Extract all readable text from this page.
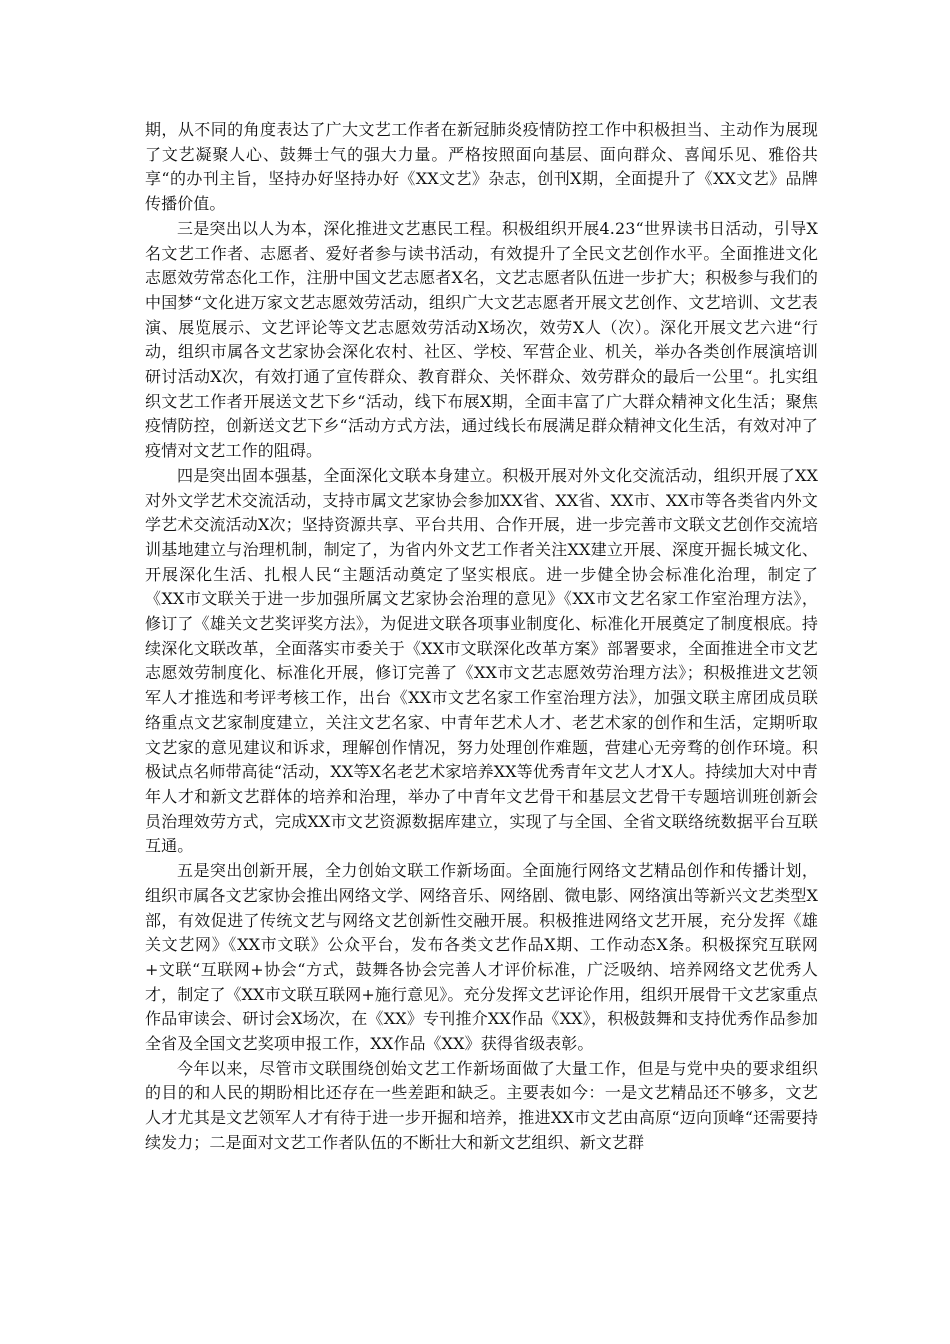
期，从不同的角度表达了广大文艺工作者在新冠肺炎疫情防控工作中积极担当、主动作为展现了文艺凝聚人心、鼓舞士气的强大力量。严格按照面向基层、面向群众、喜闻乐见、雅俗共享“的办刊主旨，坚持办好坚持办好《XX文艺》杂志，创刊X期，全面提升了《XX文艺》品牌传播价值。

三是突出以人为本，深化推进文艺惠民工程。积极组织开展4.23“世界读书日活动，引导X名文艺工作者、志愿者、爱好者参与读书活动，有效提升了全民文艺创作水平。全面推进文化志愿效劳常态化工作，注册中国文艺志愿者X名，文艺志愿者队伍进一步扩大；积极参与我们的中国梦“文化进万家文艺志愿效劳活动，组织广大文艺志愿者开展文艺创作、文艺培训、文艺表演、展览展示、文艺评论等文艺志愿效劳活动X场次，效劳X人（次）。深化开展文艺六进“行动，组织市属各文艺家协会深化农村、社区、学校、军营企业、机关，举办各类创作展演培训研讨活动X次，有效打通了宣传群众、教育群众、关怀群众、效劳群众的最后一公里“。扎实组织文艺工作者开展送文艺下乡“活动，线下布展X期，全面丰富了广大群众精神文化生活；聚焦疫情防控，创新送文艺下乡“活动方式方法，通过线长布展满足群众精神文化生活，有效对冲了疫情对文艺工作的阻碍。

四是突出固本强基，全面深化文联本身建立。积极开展对外文化交流活动，组织开展了XX对外文学艺术交流活动，支持市属文艺家协会参加XX省、XX省、XX市、XX市等各类省内外文学艺术交流活动X次；坚持资源共享、平台共用、合作开展，进一步完善市文联文艺创作交流培训基地建立与治理机制，制定了，为省内外文艺工作者关注XX建立开展、深度开掘长城文化、开展深化生活、扎根人民“主题活动奠定了坚实根底。进一步健全协会标准化治理，制定了《XX市文联关于进一步加强所属文艺家协会治理的意见》《XX市文艺名家工作室治理方法》，修订了《雄关文艺奖评奖方法》，为促进文联各项事业制度化、标准化开展奠定了制度根底。持续深化文联改革，全面落实市委关于《XX市文联深化改革方案》部署要求，全面推进全市文艺志愿效劳制度化、标准化开展，修订完善了《XX市文艺志愿效劳治理方法》；积极推进文艺领军人才推选和考评考核工作，出台《XX市文艺名家工作室治理方法》，加强文联主席团成员联络重点文艺家制度建立，关注文艺名家、中青年艺术人才、老艺术家的创作和生活，定期听取文艺家的意见建议和诉求，理解创作情况，努力处理创作难题，营建心无旁骛的创作环境。积极试点名师带高徒“活动，XX等X名老艺术家培养XX等优秀青年文艺人才X人。持续加大对中青年人才和新文艺群体的培养和治理，举办了中青年文艺骨干和基层文艺骨干专题培训班创新会员治理效劳方式，完成XX市文艺资源数据库建立，实现了与全国、全省文联络统数据平台互联互通。

五是突出创新开展，全力创始文联工作新场面。全面施行网络文艺精品创作和传播计划，组织市属各文艺家协会推出网络文学、网络音乐、网络剧、微电影、网络演出等新兴文艺类型X部，有效促进了传统文艺与网络文艺创新性交融开展。积极推进网络文艺开展，充分发挥《雄关文艺网》《XX市文联》公众平台，发布各类文艺作品X期、工作动态X条。积极探究互联网+文联“互联网+协会“方式，鼓舞各协会完善人才评价标准，广泛吸纳、培养网络文艺优秀人才，制定了《XX市文联互联网+施行意见》。充分发挥文艺评论作用，组织开展骨干文艺家重点作品审读会、研讨会X场次，在《XX》专刊推介XX作品《XX》，积极鼓舞和支持优秀作品参加全省及全国文艺奖项申报工作，XX作品《XX》获得省级表彰。

今年以来，尽管市文联围绕创始文艺工作新场面做了大量工作，但是与党中央的要求组织的目的和人民的期盼相比还存在一些差距和缺乏。主要表如今：一是文艺精品还不够多，文艺人才尤其是文艺领军人才有待于进一步开掘和培养，推进XX市文艺由高原“迈向顶峰“还需要持续发力；二是面对文艺工作者队伍的不断壮大和新文艺组织、新文艺群
